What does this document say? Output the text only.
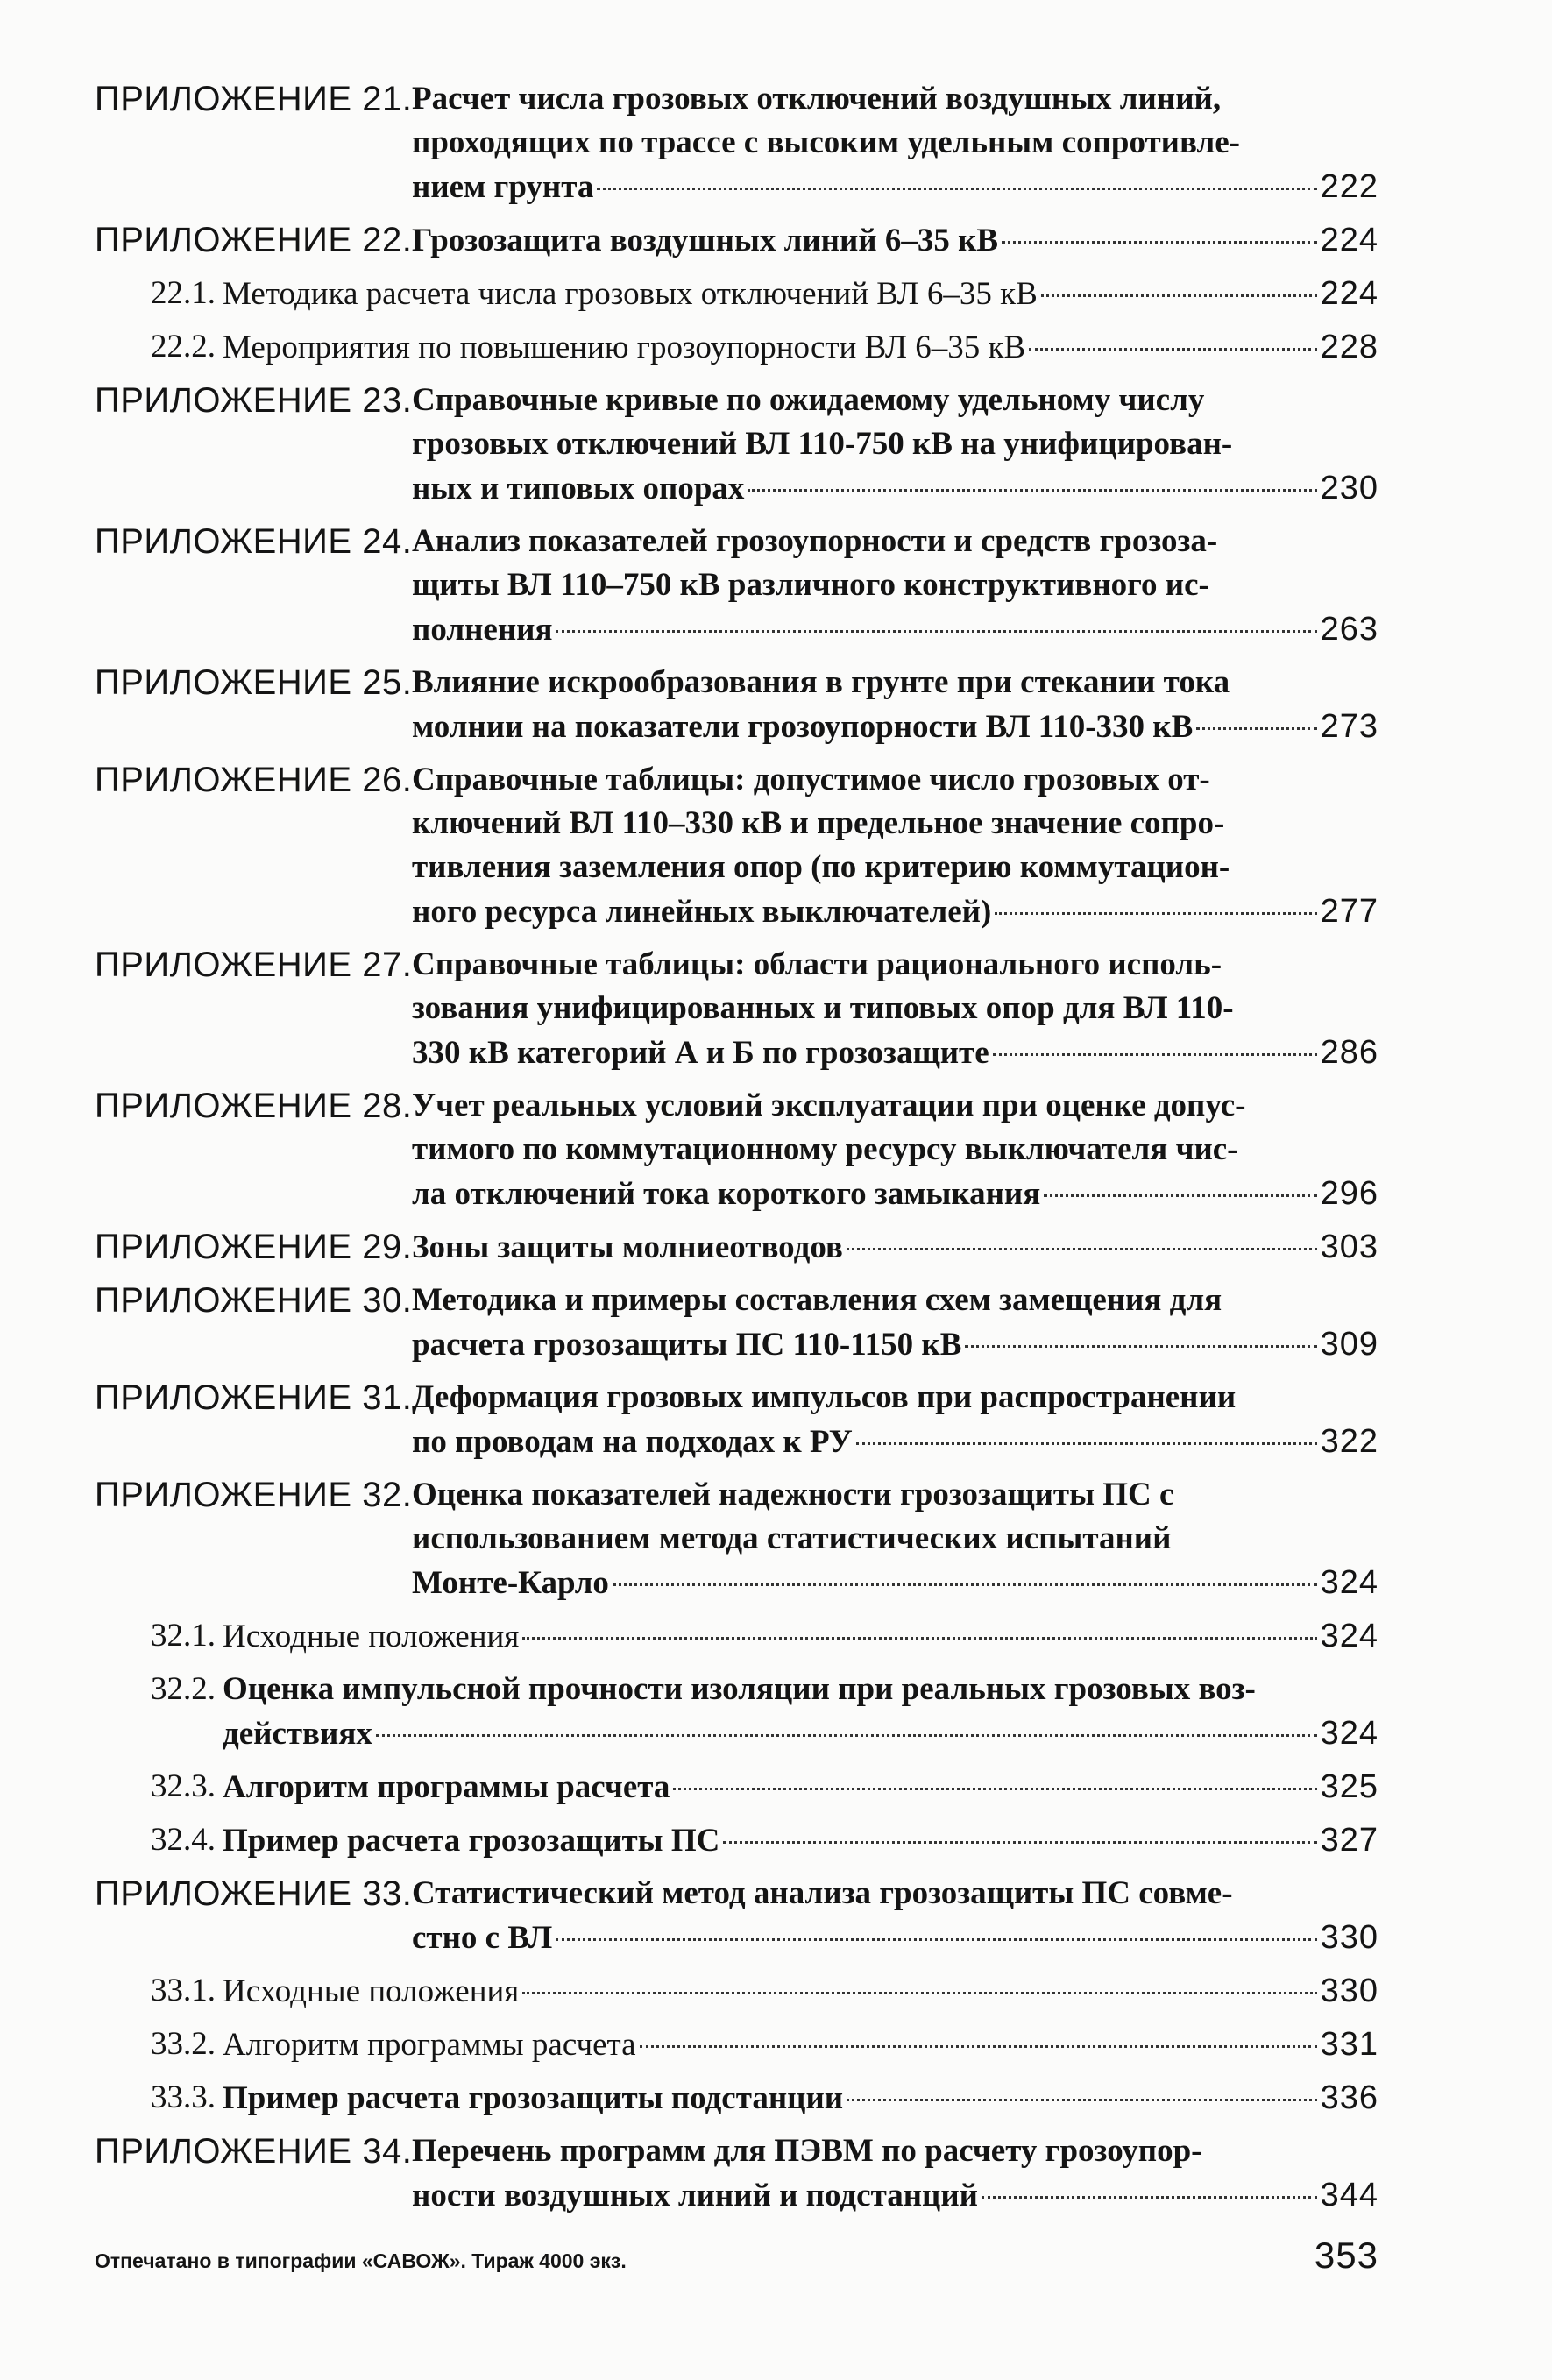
ПРИЛОЖЕНИЕ 21. Расчет числа грозовых отключений воздушных линий,
проходящих по трассе с высоким удельным сопротивле-
нием грунта	222
ПРИЛОЖЕНИЕ 22. Грозозащита воздушных линий 6–35 кВ	224
22.1. Методика расчета числа грозовых отключений ВЛ 6–35 кВ	224
22.2. Мероприятия по повышению грозоупорности ВЛ 6–35 кВ	228
ПРИЛОЖЕНИЕ 23. Справочные кривые по ожидаемому удельному числу
грозовых отключений ВЛ 110-750 кВ на унифицирован-
ных и типовых опорах	230
ПРИЛОЖЕНИЕ 24. Анализ показателей грозоупорности и средств грозоза-
щиты ВЛ 110–750 кВ различного конструктивного ис-
полнения	263
ПРИЛОЖЕНИЕ 25. Влияние искрообразования в грунте при стекании тока
молнии на показатели грозоупорности ВЛ 110-330 кВ	273
ПРИЛОЖЕНИЕ 26. Справочные таблицы: допустимое число грозовых от-
ключений ВЛ 110–330 кВ и предельное значение сопро-
тивления заземления опор (по критерию коммутацион-
ного ресурса линейных выключателей)	277
ПРИЛОЖЕНИЕ 27. Справочные таблицы: области рационального исполь-
зования унифицированных и типовых опор для ВЛ 110-
330 кВ категорий А и Б по грозозащите	286
ПРИЛОЖЕНИЕ 28. Учет реальных условий эксплуатации при оценке допус-
тимого по коммутационному ресурсу выключателя чис-
ла отключений тока короткого замыкания	296
ПРИЛОЖЕНИЕ 29. Зоны защиты молниеотводов	303
ПРИЛОЖЕНИЕ 30. Методика и примеры составления схем замещения для
расчета грозозащиты ПС 110-1150 кВ	309
ПРИЛОЖЕНИЕ 31. Деформация грозовых импульсов при распространении
по проводам на подходах к РУ	322
ПРИЛОЖЕНИЕ 32. Оценка показателей надежности грозозащиты ПС с
использованием метода статистических испытаний
Монте-Карло	324
32.1. Исходные положения	324
32.2. Оценка импульсной прочности изоляции при реальных грозовых воз-
действиях	324
32.3. Алгоритм программы расчета	325
32.4. Пример расчета грозозащиты ПС	327
ПРИЛОЖЕНИЕ 33. Статистический метод анализа грозозащиты ПС совме-
стно с ВЛ	330
33.1. Исходные положения	330
33.2. Алгоритм программы расчета	331
33.3. Пример расчета грозозащиты подстанции	336
ПРИЛОЖЕНИЕ 34. Перечень программ для ПЭВМ по расчету грозоупор-
ности воздушных линий и подстанций	344
Отпечатано в типографии «САВОЖ». Тираж 4000 экз.	353
